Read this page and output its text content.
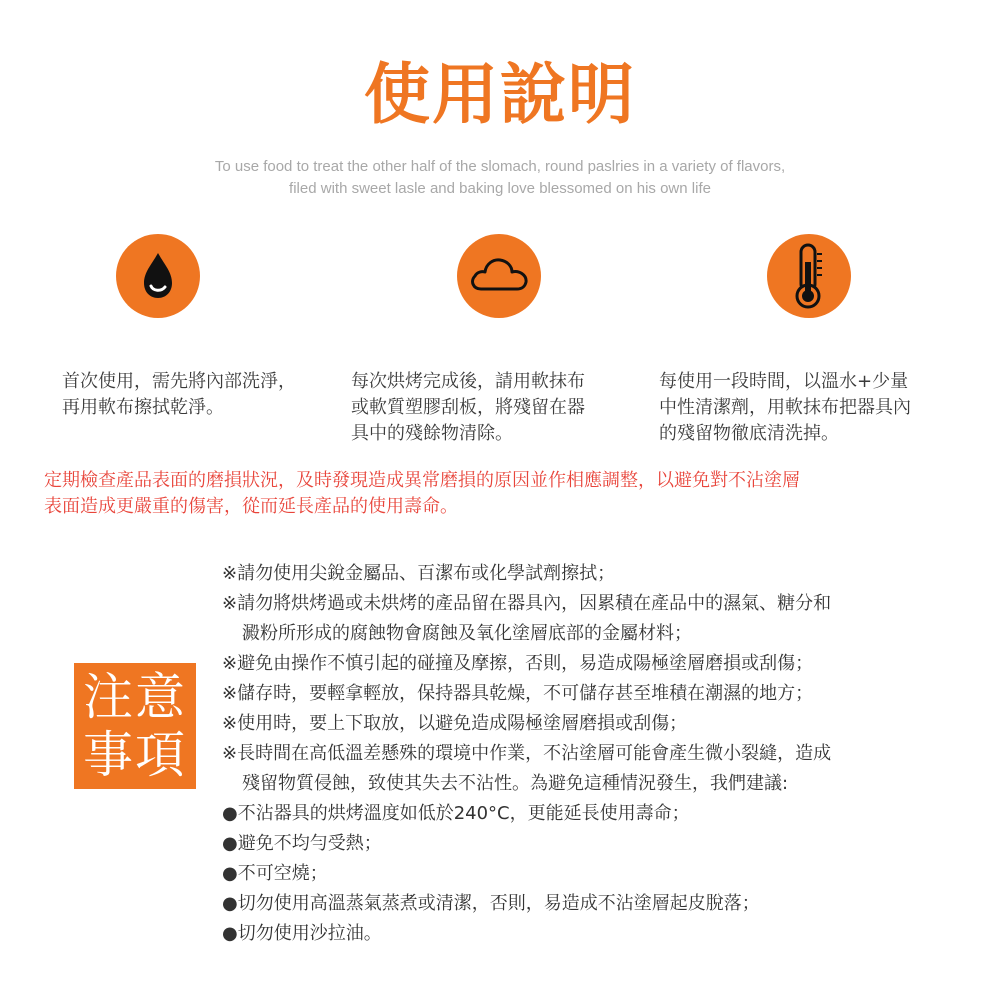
使用說明
To use food to treat the other half of the slomach, round paslries in a variety of flavors,
filed with sweet lasle and baking love blessomed on his own life
首次使用，需先將內部洗淨，
再用軟布擦拭乾淨。
每次烘烤完成後，請用軟抹布
或軟質塑膠刮板，將殘留在器
具中的殘餘物清除。
每使用一段時間，以溫水+少量
中性清潔劑，用軟抹布把器具內
的殘留物徹底清洗掉。
定期檢查產品表面的磨損狀況，及時發現造成異常磨損的原因並作相應調整，以避免對不沾塗層
表面造成更嚴重的傷害，從而延長產品的使用壽命。
注意
事項
※請勿使用尖銳金屬品、百潔布或化學試劑擦拭；
※請勿將烘烤過或未烘烤的產品留在器具內，因累積在產品中的濕氣、糖分和
澱粉所形成的腐蝕物會腐蝕及氧化塗層底部的金屬材料；
※避免由操作不慎引起的碰撞及摩擦，否則，易造成陽極塗層磨損或刮傷；
※儲存時，要輕拿輕放，保持器具乾燥，不可儲存甚至堆積在潮濕的地方；
※使用時，要上下取放，以避免造成陽極塗層磨損或刮傷；
※長時間在高低溫差懸殊的環境中作業，不沾塗層可能會產生微小裂縫，造成
殘留物質侵蝕，致使其失去不沾性。為避免這種情況發生，我們建議:
●不沾器具的烘烤溫度如低於240°C，更能延長使用壽命；
●避免不均勻受熱；
●不可空燒；
●切勿使用高溫蒸氣蒸煮或清潔，否則，易造成不沾塗層起皮脫落；
●切勿使用沙拉油。
